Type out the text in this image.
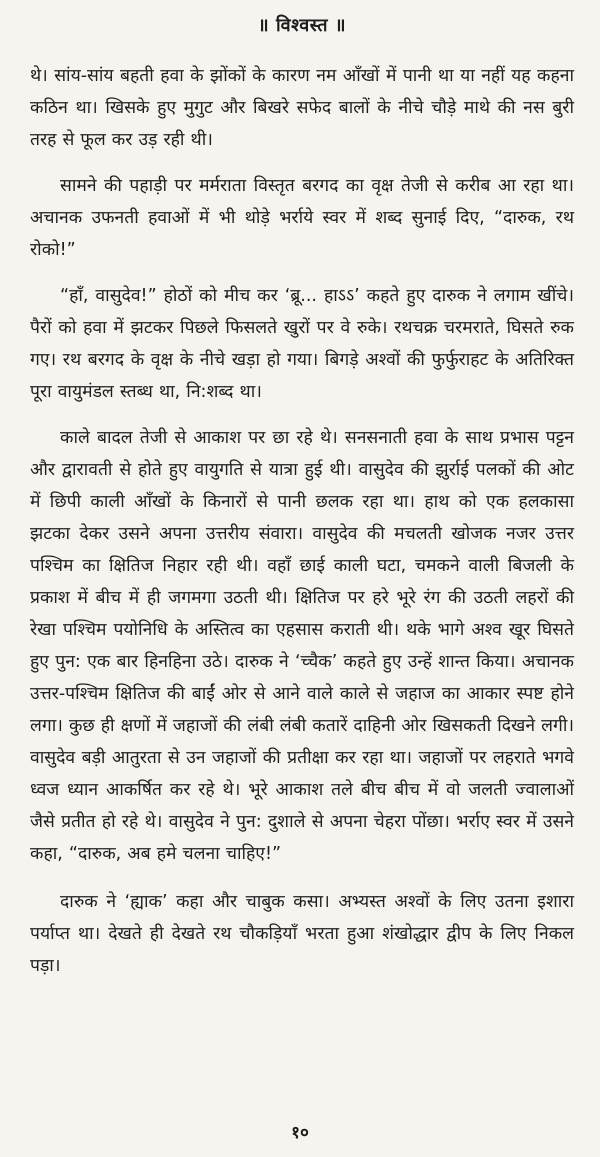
॥ विश्वस्त ॥

थे। सांय-सांय बहती हवा के झोंकों के कारण नम आँखों में पानी था या नहीं यह कहना कठिन था। खिसके हुए मुगुट और बिखरे सफेद बालों के नीचे चौड़े माथे की नस बुरी तरह से फूल कर उड़ रही थी।

सामने की पहाड़ी पर मर्मराता विस्तृत बरगद का वृक्ष तेजी से करीब आ रहा था। अचानक उफनती हवाओं में भी थोड़े भर्राये स्वर में शब्द सुनाई दिए, “दारुक, रथ रोको!”

“हाँ, वासुदेव!” होठों को मीच कर ‘ब्रू... हाऽऽ’ कहते हुए दारुक ने लगाम खींचे। पैरों को हवा में झटकर पिछले फिसलते खुरों पर वे रुके। रथचक्र चरमराते, घिसते रुक गए। रथ बरगद के वृक्ष के नीचे खड़ा हो गया। बिगड़े अश्वों की फुर्फुराहट के अतिरिक्त पूरा वायुमंडल स्तब्ध था, नि:शब्द था।

काले बादल तेजी से आकाश पर छा रहे थे। सनसनाती हवा के साथ प्रभास पट्टन और द्वारावती से होते हुए वायुगति से यात्रा हुई थी। वासुदेव की झुर्राई पलकों की ओट में छिपी काली आँखों के किनारों से पानी छलक रहा था। हाथ को एक हलकासा झटका देकर उसने अपना उत्तरीय संवारा। वासुदेव की मचलती खोजक नजर उत्तर पश्चिम का क्षितिज निहार रही थी। वहाँ छाई काली घटा, चमकने वाली बिजली के प्रकाश में बीच में ही जगमगा उठती थी। क्षितिज पर हरे भूरे रंग की उठती लहरों की रेखा पश्चिम पयोनिधि के अस्तित्व का एहसास कराती थी। थके भागे अश्व खूर घिसते हुए पुन: एक बार हिनहिना उठे। दारुक ने ‘च्चैक’ कहते हुए उन्हें शान्त किया। अचानक उत्तर-पश्चिम क्षितिज की बाईं ओर से आने वाले काले से जहाज का आकार स्पष्ट होने लगा। कुछ ही क्षणों में जहाजों की लंबी लंबी कतारें दाहिनी ओर खिसकती दिखने लगी। वासुदेव बड़ी आतुरता से उन जहाजों की प्रतीक्षा कर रहा था। जहाजों पर लहराते भगवे ध्वज ध्यान आकर्षित कर रहे थे। भूरे आकाश तले बीच बीच में वो जलती ज्वालाओं जैसे प्रतीत हो रहे थे। वासुदेव ने पुन: दुशाले से अपना चेहरा पोंछा। भर्राए स्वर में उसने कहा, “दारुक, अब हमे चलना चाहिए!”

दारुक ने ‘ह्याक’ कहा और चाबुक कसा। अभ्यस्त अश्वों के लिए उतना इशारा पर्याप्त था। देखते ही देखते रथ चौकड़ियाँ भरता हुआ शंखोद्धार द्वीप के लिए निकल पड़ा।

१०
